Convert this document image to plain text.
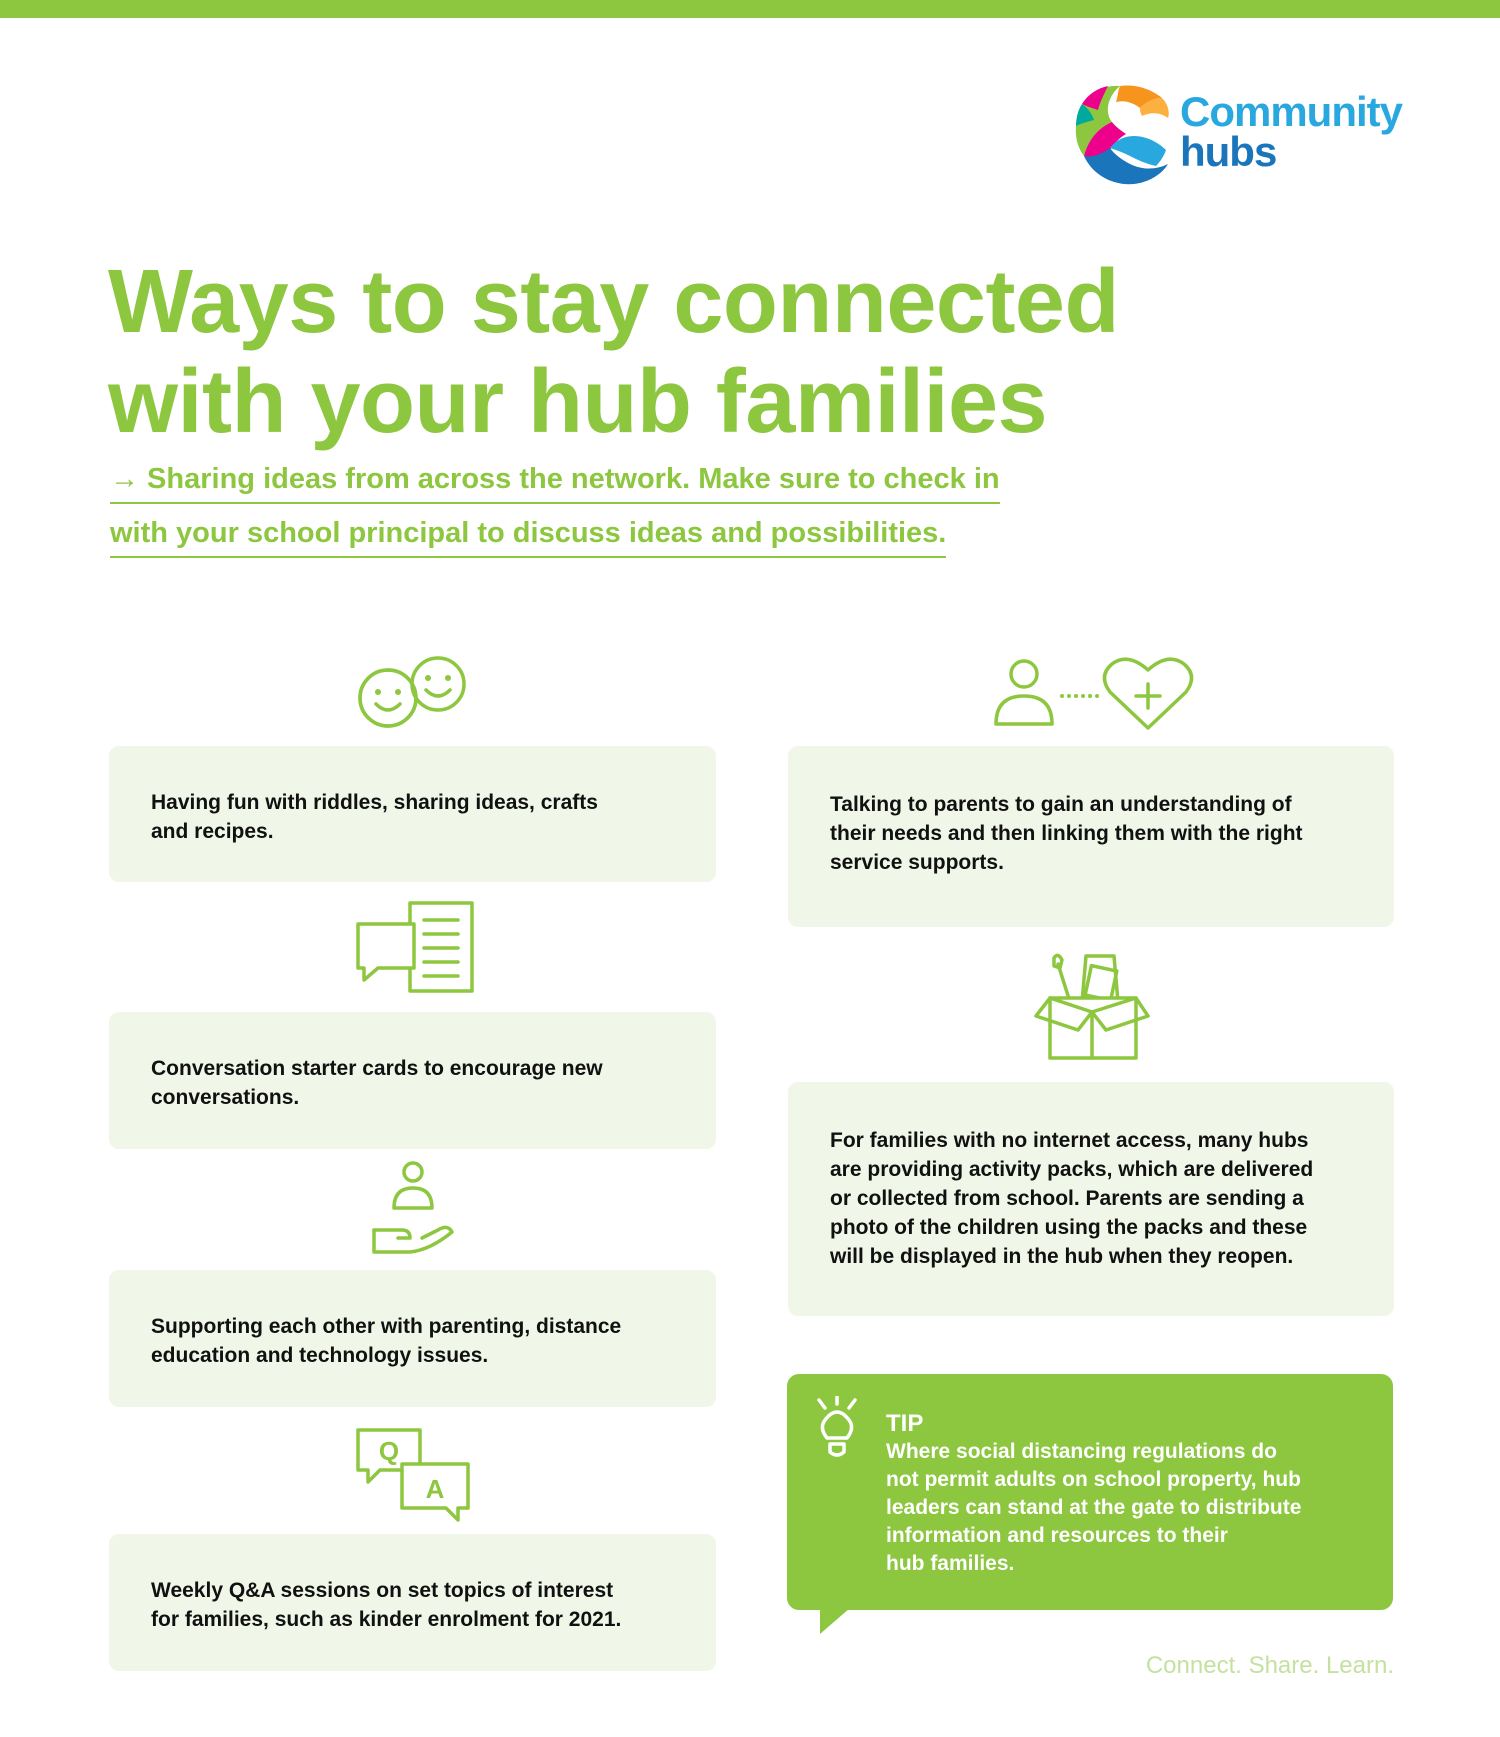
Community
hubs
Ways to stay connected
with your hub families
→ Sharing ideas from across the network. Make sure to check in
with your school principal to discuss ideas and possibilities.
Having fun with riddles, sharing ideas, crafts
and recipes.
Conversation starter cards to encourage new
conversations.
Supporting each other with parenting, distance
education and technology issues.
Q
A
Weekly Q&A sessions on set topics of interest
for families, such as kinder enrolment for 2021.
Talking to parents to gain an understanding of
their needs and then linking them with the right
service supports.
For families with no internet access, many hubs
are providing activity packs, which are delivered
or collected from school. Parents are sending a
photo of the children using the packs and these
will be displayed in the hub when they reopen.
TIP
Where social distancing regulations do
not permit adults on school property, hub
leaders can stand at the gate to distribute
information and resources to their
hub families.
Connect. Share. Learn.
